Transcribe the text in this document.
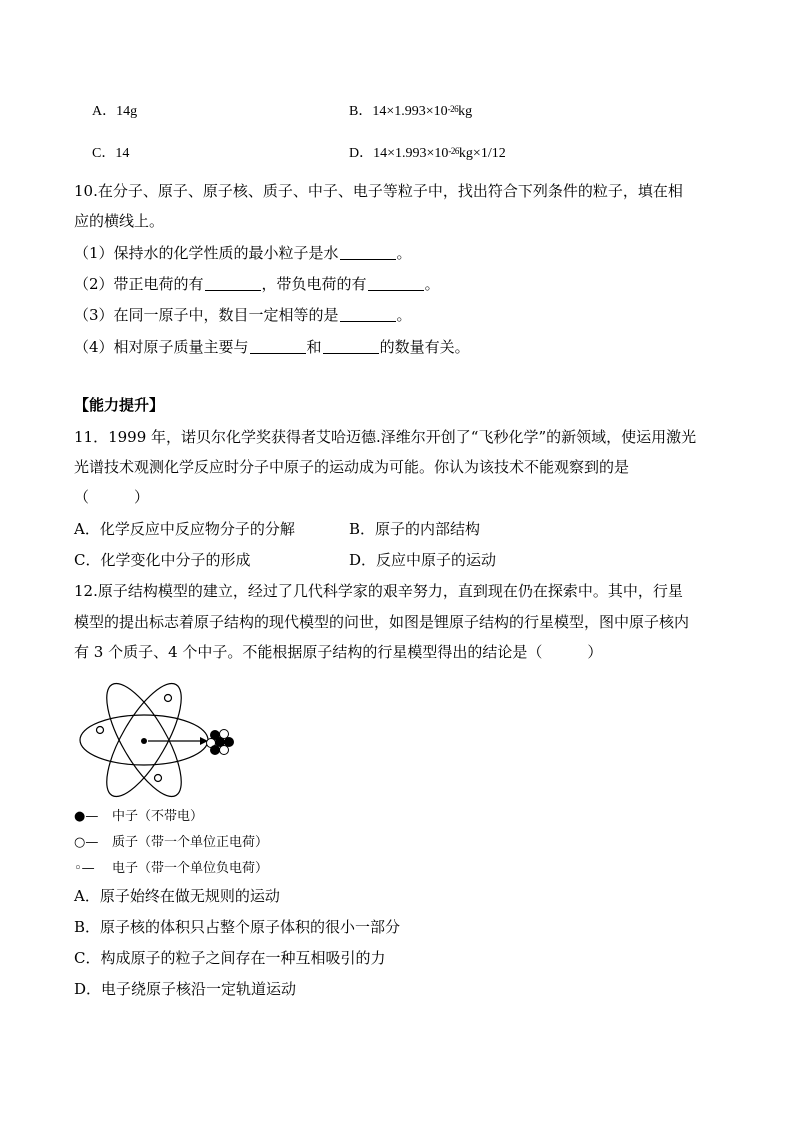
A．14g	B．$14\times 1.993\times 10^{-26}kg$
C．14	D．$14\times 1.993\times 10^{-26}kg\times 1/12$
10.在分子、原子、原子核、质子、中子、电子等粒子中，找出符合下列条件的粒子，填在相
应的横线上。
（1）保持水的化学性质的最小粒子是水	。
（2）带正电荷的有	，带负电荷的有	。
（3）在同一原子中，数目一定相等的是	。
（4）相对原子质量主要与	和	的数量有关。
【能力提升】
11．1999 年，诺贝尔化学奖获得者艾哈迈德.泽维尔开创了“飞秒化学”的新领域，使运用激光
光谱技术观测化学反应时分子中原子的运动成为可能。你认为该技术不能观察到的是
（　　　）
A．化学反应中反应物分子的分解	B．原子的内部结构
C．化学变化中分子的形成	D．反应中原子的运动
12.原子结构模型的建立，经过了几代科学家的艰辛努力，直到现在仍在探索中。其中，行星
模型的提出标志着原子结构的现代模型的问世，如图是锂原子结构的行星模型，图中原子核内
有 3 个质子、4 个中子。不能根据原子结构的行星模型得出的结论是（　　　）
●— 中子（不带电）
○— 质子（带一个单位正电荷）
◦— 电子（带一个单位负电荷）
A．原子始终在做无规则的运动
B．原子核的体积只占整个原子体积的很小一部分
C．构成原子的粒子之间存在一种互相吸引的力
D．电子绕原子核沿一定轨道运动
